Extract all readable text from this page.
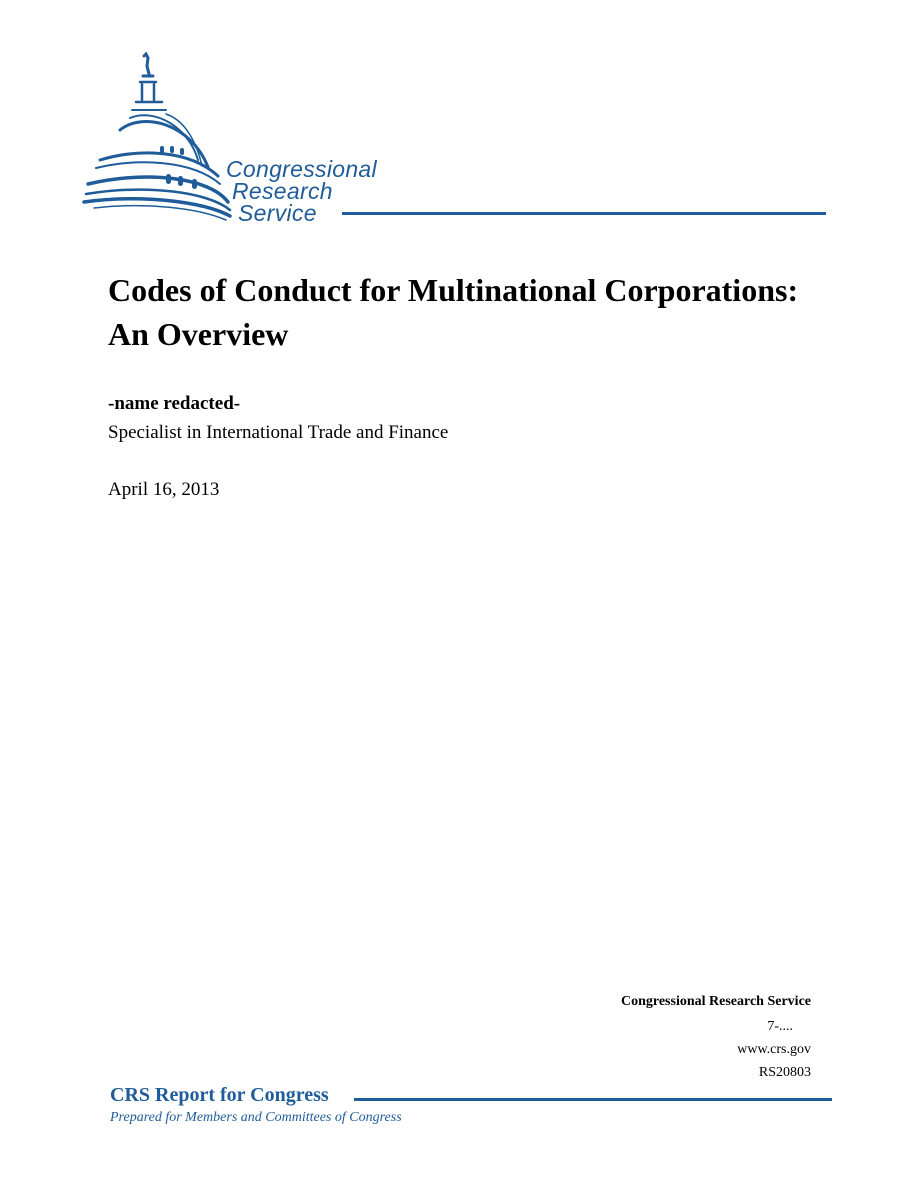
Congressional
Research
Service
Codes of Conduct for Multinational Corporations: An Overview
-name redacted-
Specialist in International Trade and Finance
April 16, 2013
Congressional Research Service
7-....
www.crs.gov
RS20803
CRS Report for Congress
Prepared for Members and Committees of Congress
